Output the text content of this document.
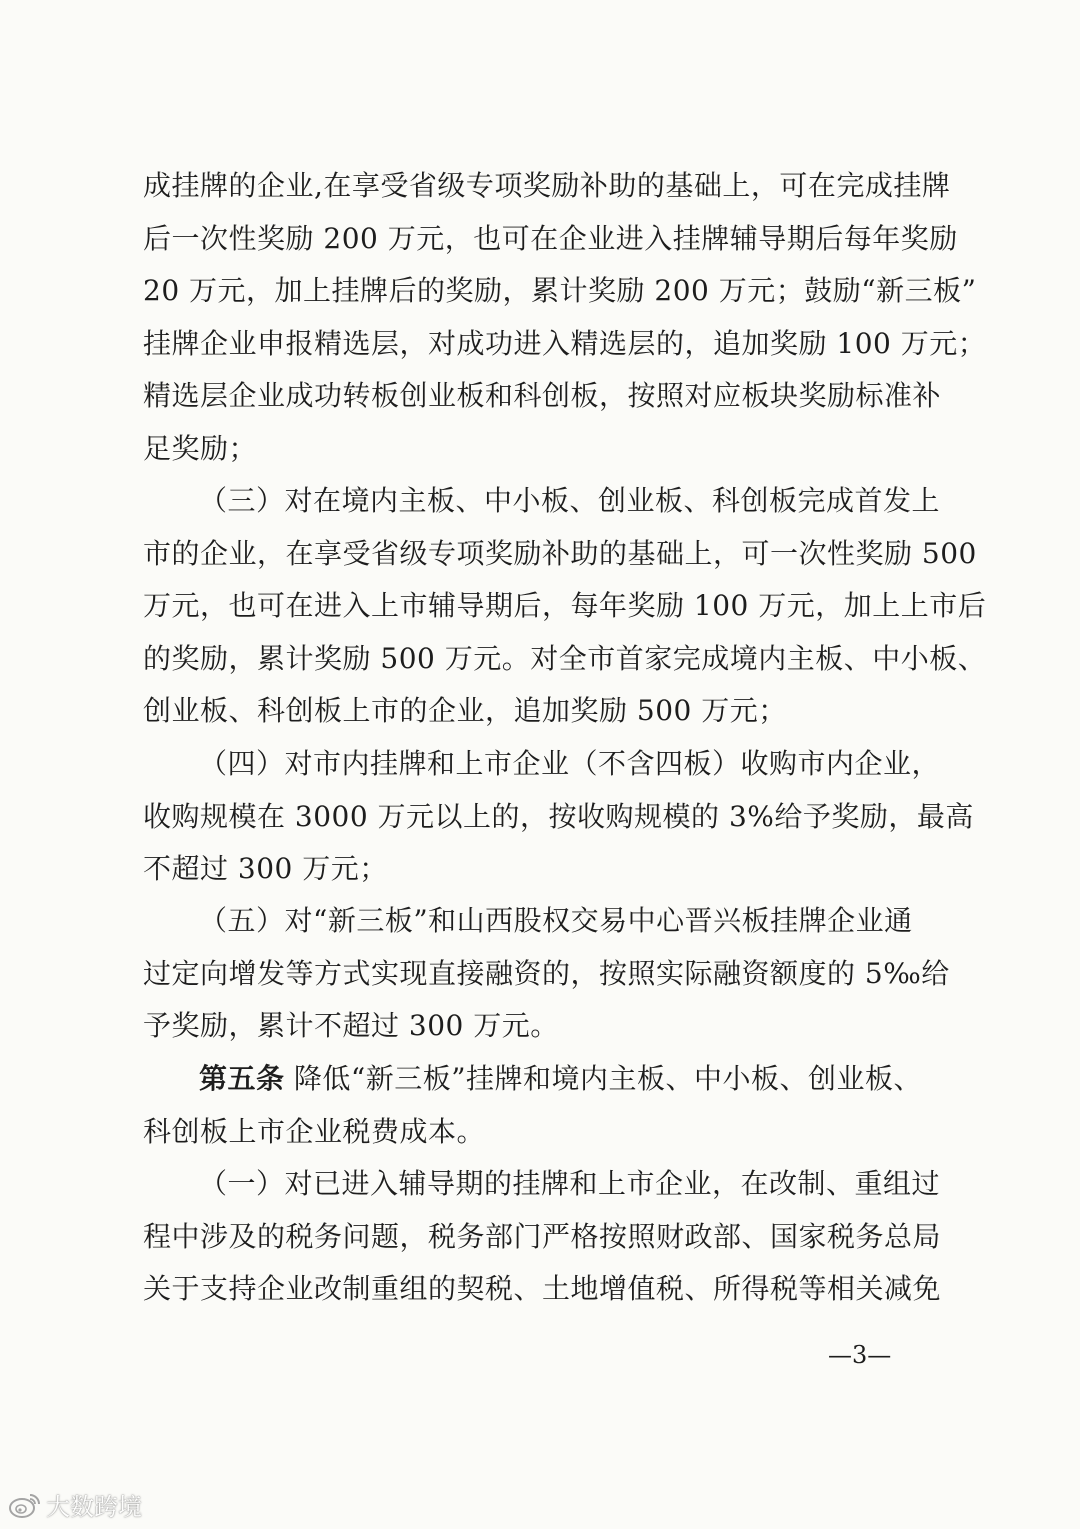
成挂牌的企业,在享受省级专项奖励补助的基础上，可在完成挂牌
后一次性奖励 200 万元，也可在企业进入挂牌辅导期后每年奖励
20 万元，加上挂牌后的奖励，累计奖励 200 万元；鼓励“新三板”
挂牌企业申报精选层，对成功进入精选层的，追加奖励 100 万元；
精选层企业成功转板创业板和科创板，按照对应板块奖励标准补
足奖励；
（三）对在境内主板、中小板、创业板、科创板完成首发上
市的企业，在享受省级专项奖励补助的基础上，可一次性奖励 500
万元，也可在进入上市辅导期后，每年奖励 100 万元，加上上市后
的奖励，累计奖励 500 万元。对全市首家完成境内主板、中小板、
创业板、科创板上市的企业，追加奖励 500 万元；
（四）对市内挂牌和上市企业（不含四板）收购市内企业，
收购规模在 3000 万元以上的，按收购规模的 3%给予奖励，最高
不超过 300 万元；
（五）对“新三板”和山西股权交易中心晋兴板挂牌企业通
过定向增发等方式实现直接融资的，按照实际融资额度的 5‰给
予奖励，累计不超过 300 万元。
第五条 降低“新三板”挂牌和境内主板、中小板、创业板、
科创板上市企业税费成本。
（一）对已进入辅导期的挂牌和上市企业，在改制、重组过
程中涉及的税务问题，税务部门严格按照财政部、国家税务总局
关于支持企业改制重组的契税、土地增值税、所得税等相关减免
—3—
大数跨境
